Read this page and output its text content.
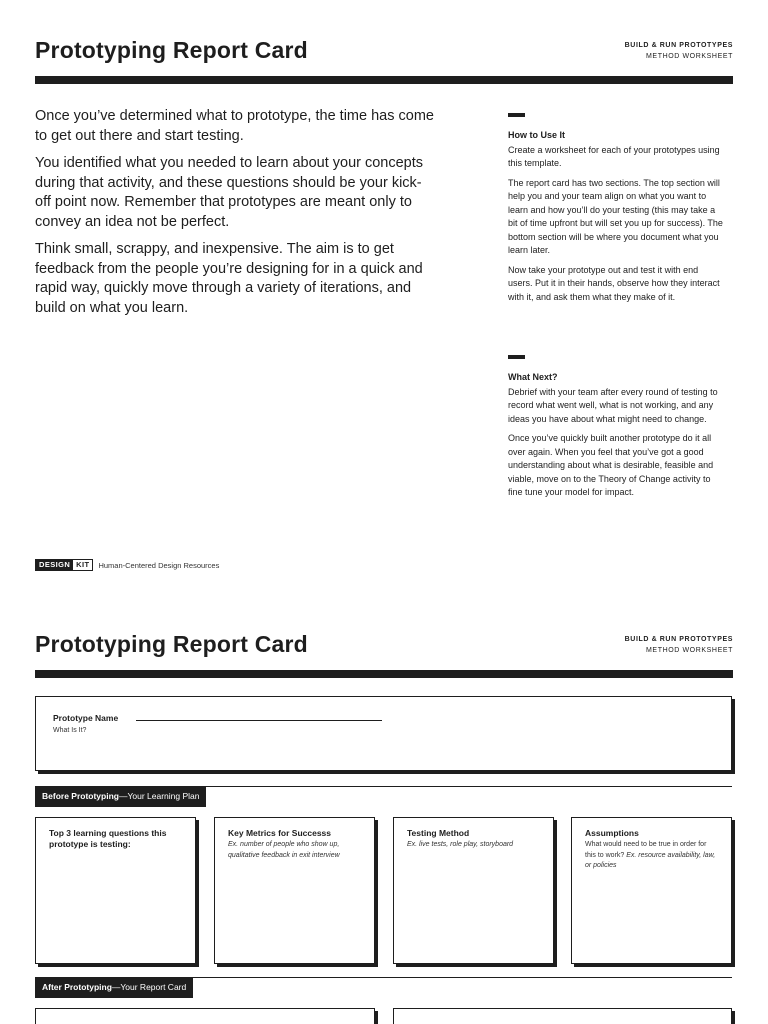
Prototyping Report Card	BUILD & RUN PROTOTYPES
METHOD WORKSHEET

Once you’ve determined what to prototype, the time has come to get out there and start testing.

You identified what you needed to learn about your concepts during that activity, and these questions should be your kick-off point now. Remember that prototypes are meant only to convey an idea not be perfect.

Think small, scrappy, and inexpensive. The aim is to get feedback from the people you’re designing for in a quick and rapid way, quickly move through a variety of iterations, and build on what you learn.

How to Use It

Create a worksheet for each of your prototypes using this template.

The report card has two sections. The top section will help you and your team align on what you want to learn and how you’ll do your testing (this may take a bit of time upfront but will set you up for success). The bottom section will be where you document what you learn later.

Now take your prototype out and test it with end users. Put it in their hands, observe how they interact with it, and ask them what they make of it.

What Next?

Debrief with your team after every round of testing to record what went well, what is not working, and any ideas you have about what might need to change.

Once you’ve quickly built another prototype do it all over again. When you feel that you’ve got a good understanding about what is desirable, feasible and viable, move on to the Theory of Change activity to fine tune your model for impact.

DESIGN KIT	Human-Centered Design Resources
Prototyping Report Card	BUILD & RUN PROTOTYPES
METHOD WORKSHEET
Prototype Name
What Is It?
Before Prototyping—Your Learning Plan
Top 3 learning questions this prototype is testing:
Key Metrics for Successs
Ex. number of people who show up, qualitative feedback in exit interview
Testing Method
Ex. live tests, role play, storyboard
Assumptions
What would need to be true in order for this to work? Ex. resource availability, law, or policies
After Prototyping—Your Report Card
